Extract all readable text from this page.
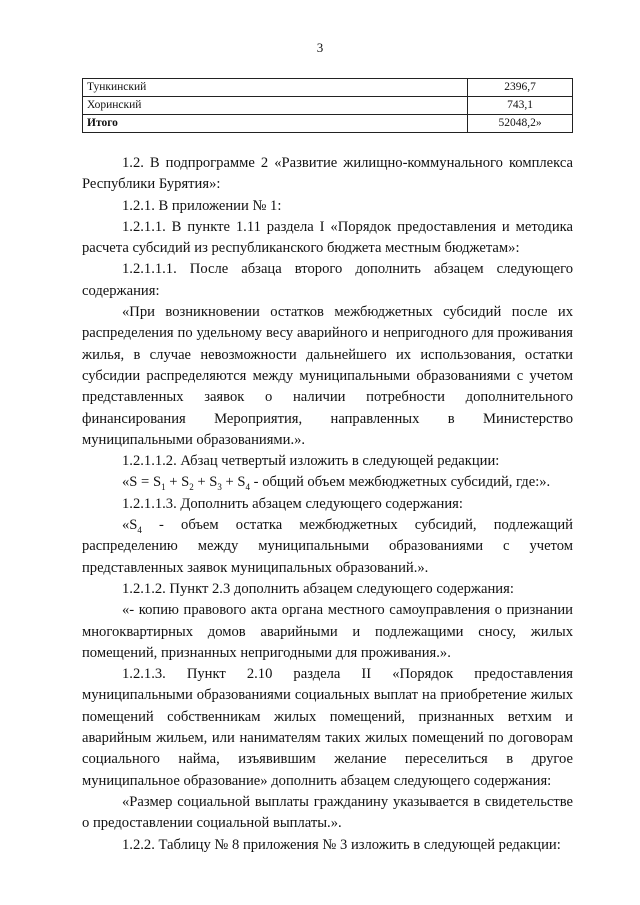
3
Тункинский	2396,7
Хоринский	743,1
Итого	52048,2»

1.2. В подпрограмме 2 «Развитие жилищно-коммунального комплекса Республики Бурятия»:

1.2.1. В приложении № 1:

1.2.1.1. В пункте 1.11 раздела I «Порядок предоставления и методика расчета субсидий из республиканского бюджета местным бюджетам»:

1.2.1.1.1. После абзаца второго дополнить абзацем следующего содержания:

«При возникновении остатков межбюджетных субсидий после их распределения по удельному весу аварийного и непригодного для проживания жилья, в случае невозможности дальнейшего их использования, остатки субсидии распределяются между муниципальными образованиями с учетом представленных заявок о наличии потребности дополнительного финансирования Мероприятия, направленных в Министерство муниципальными образованиями.».

1.2.1.1.2. Абзац четвертый изложить в следующей редакции:

«$S = S_1 + S_2 + S_3 + S_4$ - общий объем межбюджетных субсидий, где:».

1.2.1.1.3. Дополнить абзацем следующего содержания:

«$S_4$ - объем остатка межбюджетных субсидий, подлежащий распределению между муниципальными образованиями с учетом представленных заявок муниципальных образований.».

1.2.1.2. Пункт 2.3 дополнить абзацем следующего содержания:

«- копию правового акта органа местного самоуправления о признании многоквартирных домов аварийными и подлежащими сносу, жилых помещений, признанных непригодными для проживания.».

1.2.1.3. Пункт 2.10 раздела II «Порядок предоставления муниципальными образованиями социальных выплат на приобретение жилых помещений собственникам жилых помещений, признанных ветхим и аварийным жильем, или нанимателям таких жилых помещений по договорам социального найма, изъявившим желание переселиться в другое муниципальное образование» дополнить абзацем следующего содержания:

«Размер социальной выплаты гражданину указывается в свидетельстве о предоставлении социальной выплаты.».

1.2.2. Таблицу № 8 приложения № 3 изложить в следующей редакции:
